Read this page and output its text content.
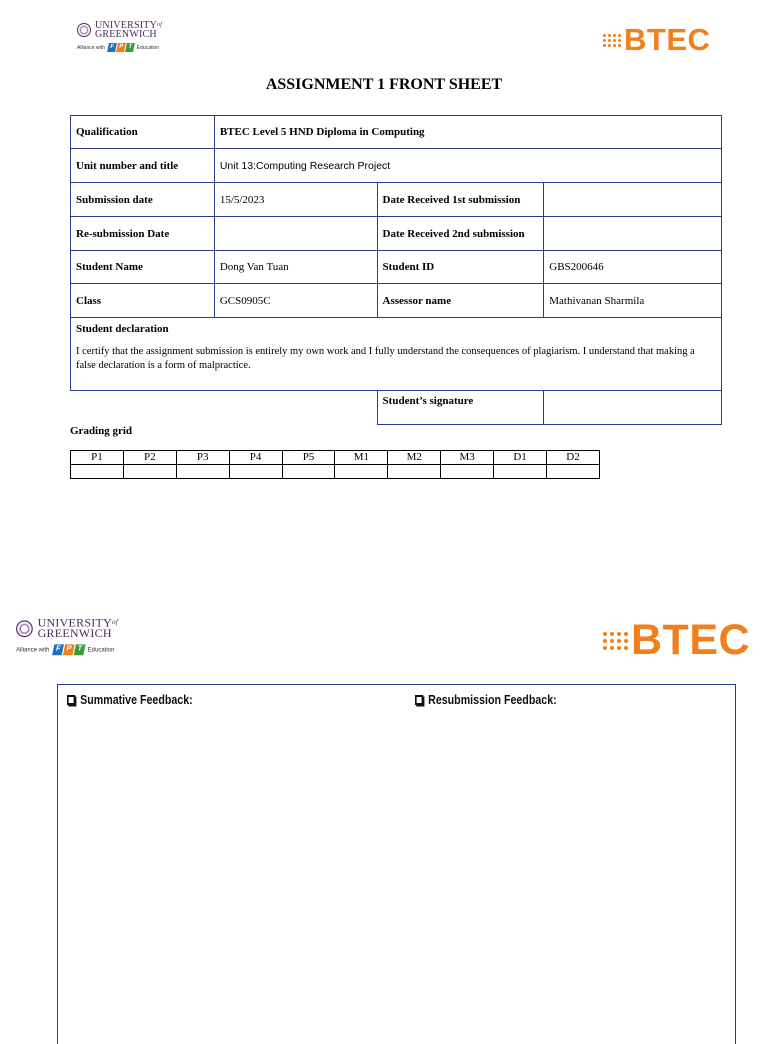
$UNIVERSITY^{of}$
GREENWICH
Alliance with F P T Education	BTEC
ASSIGNMENT 1 FRONT SHEET
Qualification	BTEC Level 5 HND Diploma in Computing		
Unit number and title	Unit 13:Computing Research Project		
Submission date	15/5/2023	Date Received 1st submission	
Re-submission Date		Date Received 2nd submission	
Student Name	Dong Van Tuan	Student ID	GBS200646
Class	GCS0905C	Assessor name	Mathivanan Sharmila

Student declaration
I certify that the assignment submission is entirely my own work and I fully understand the consequences of plagiarism. I understand that making a false declaration is a form of malpractice.			

		Student’s signature	
Grading grid
P1	P2	P3	P4	P5	M1	M2	M3	D1	D2

$UNIVERSITY^{of}$
GREENWICH
Alliance with F P T	Education	BTEC
Summative Feedback:	Resubmission Feedback:
